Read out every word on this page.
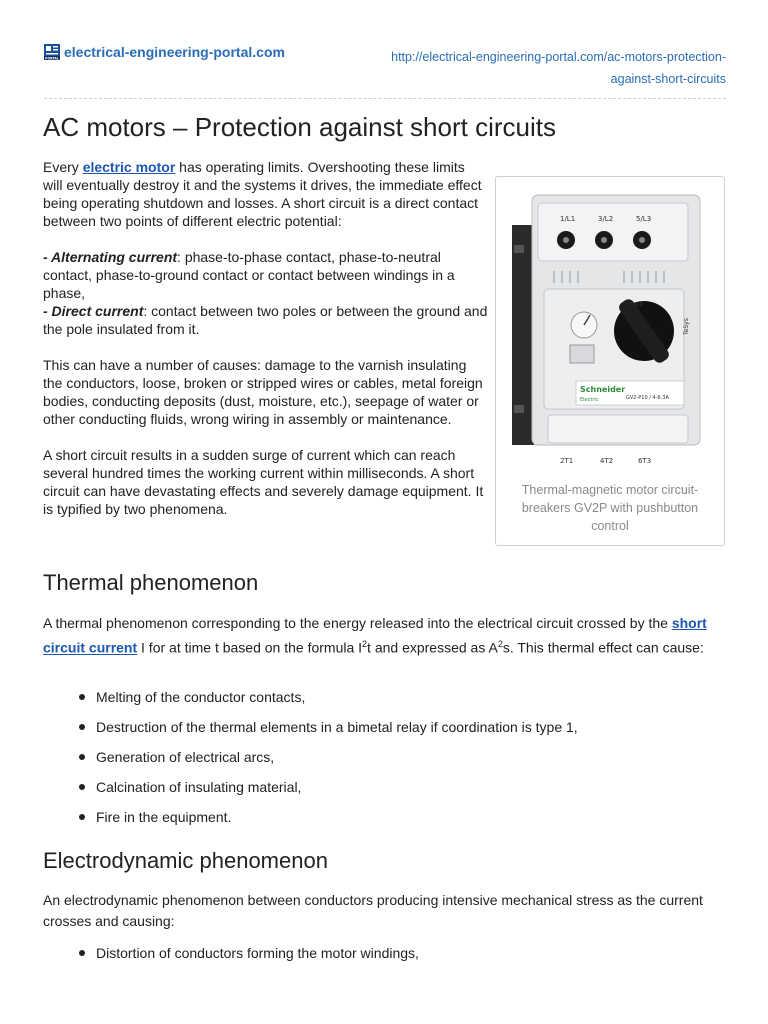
PORTAL electrical-engineering-portal.com	http://electrical-engineering-portal.com/ac-motors-protection-
against-short-circuits
AC motors – Protection against short circuits

Every electric motor has operating limits. Overshooting these limits will eventually destroy it and the systems it drives, the immediate effect being operating shutdown and losses. A short circuit is a direct contact between two points of different electric potential:

- Alternating current: phase-to-phase contact, phase-to-neutral contact, phase-to-ground contact or contact between windings in a phase,

- Direct current: contact between two poles or between the ground and the pole insulated from it.

This can have a number of causes: damage to the varnish insulating the conductors, loose, broken or stripped wires or cables, metal foreign bodies, conducting deposits (dust, moisture, etc.), seepage of water or other conducting fluids, wrong wiring in assembly or maintenance.

A short circuit results in a sudden surge of current which can reach several hundred times the working current within milliseconds. A short circuit can have devastating effects and severely damage equipment. It is typified by two phenomena.

1/L1	3/L2	5/L3
TRIP
Schneider
Electric	GV2-P10 / 4-6.3A
TeSys
2T1	4T2	6T3
Thermal-magnetic motor circuit-breakers GV2P with pushbutton control
Thermal phenomenon

A thermal phenomenon corresponding to the energy released into the electrical circuit crossed by the short circuit current I for at time t based on the formula $I^2t$ and expressed as $A^2s$. This thermal effect can cause:

Melting of the conductor contacts,
Destruction of the thermal elements in a bimetal relay if coordination is type 1,
Generation of electrical arcs,
Calcination of insulating material,
Fire in the equipment.
Electrodynamic phenomenon

An electrodynamic phenomenon between conductors producing intensive mechanical stress as the current crosses and causing:

Distortion of conductors forming the motor windings,
